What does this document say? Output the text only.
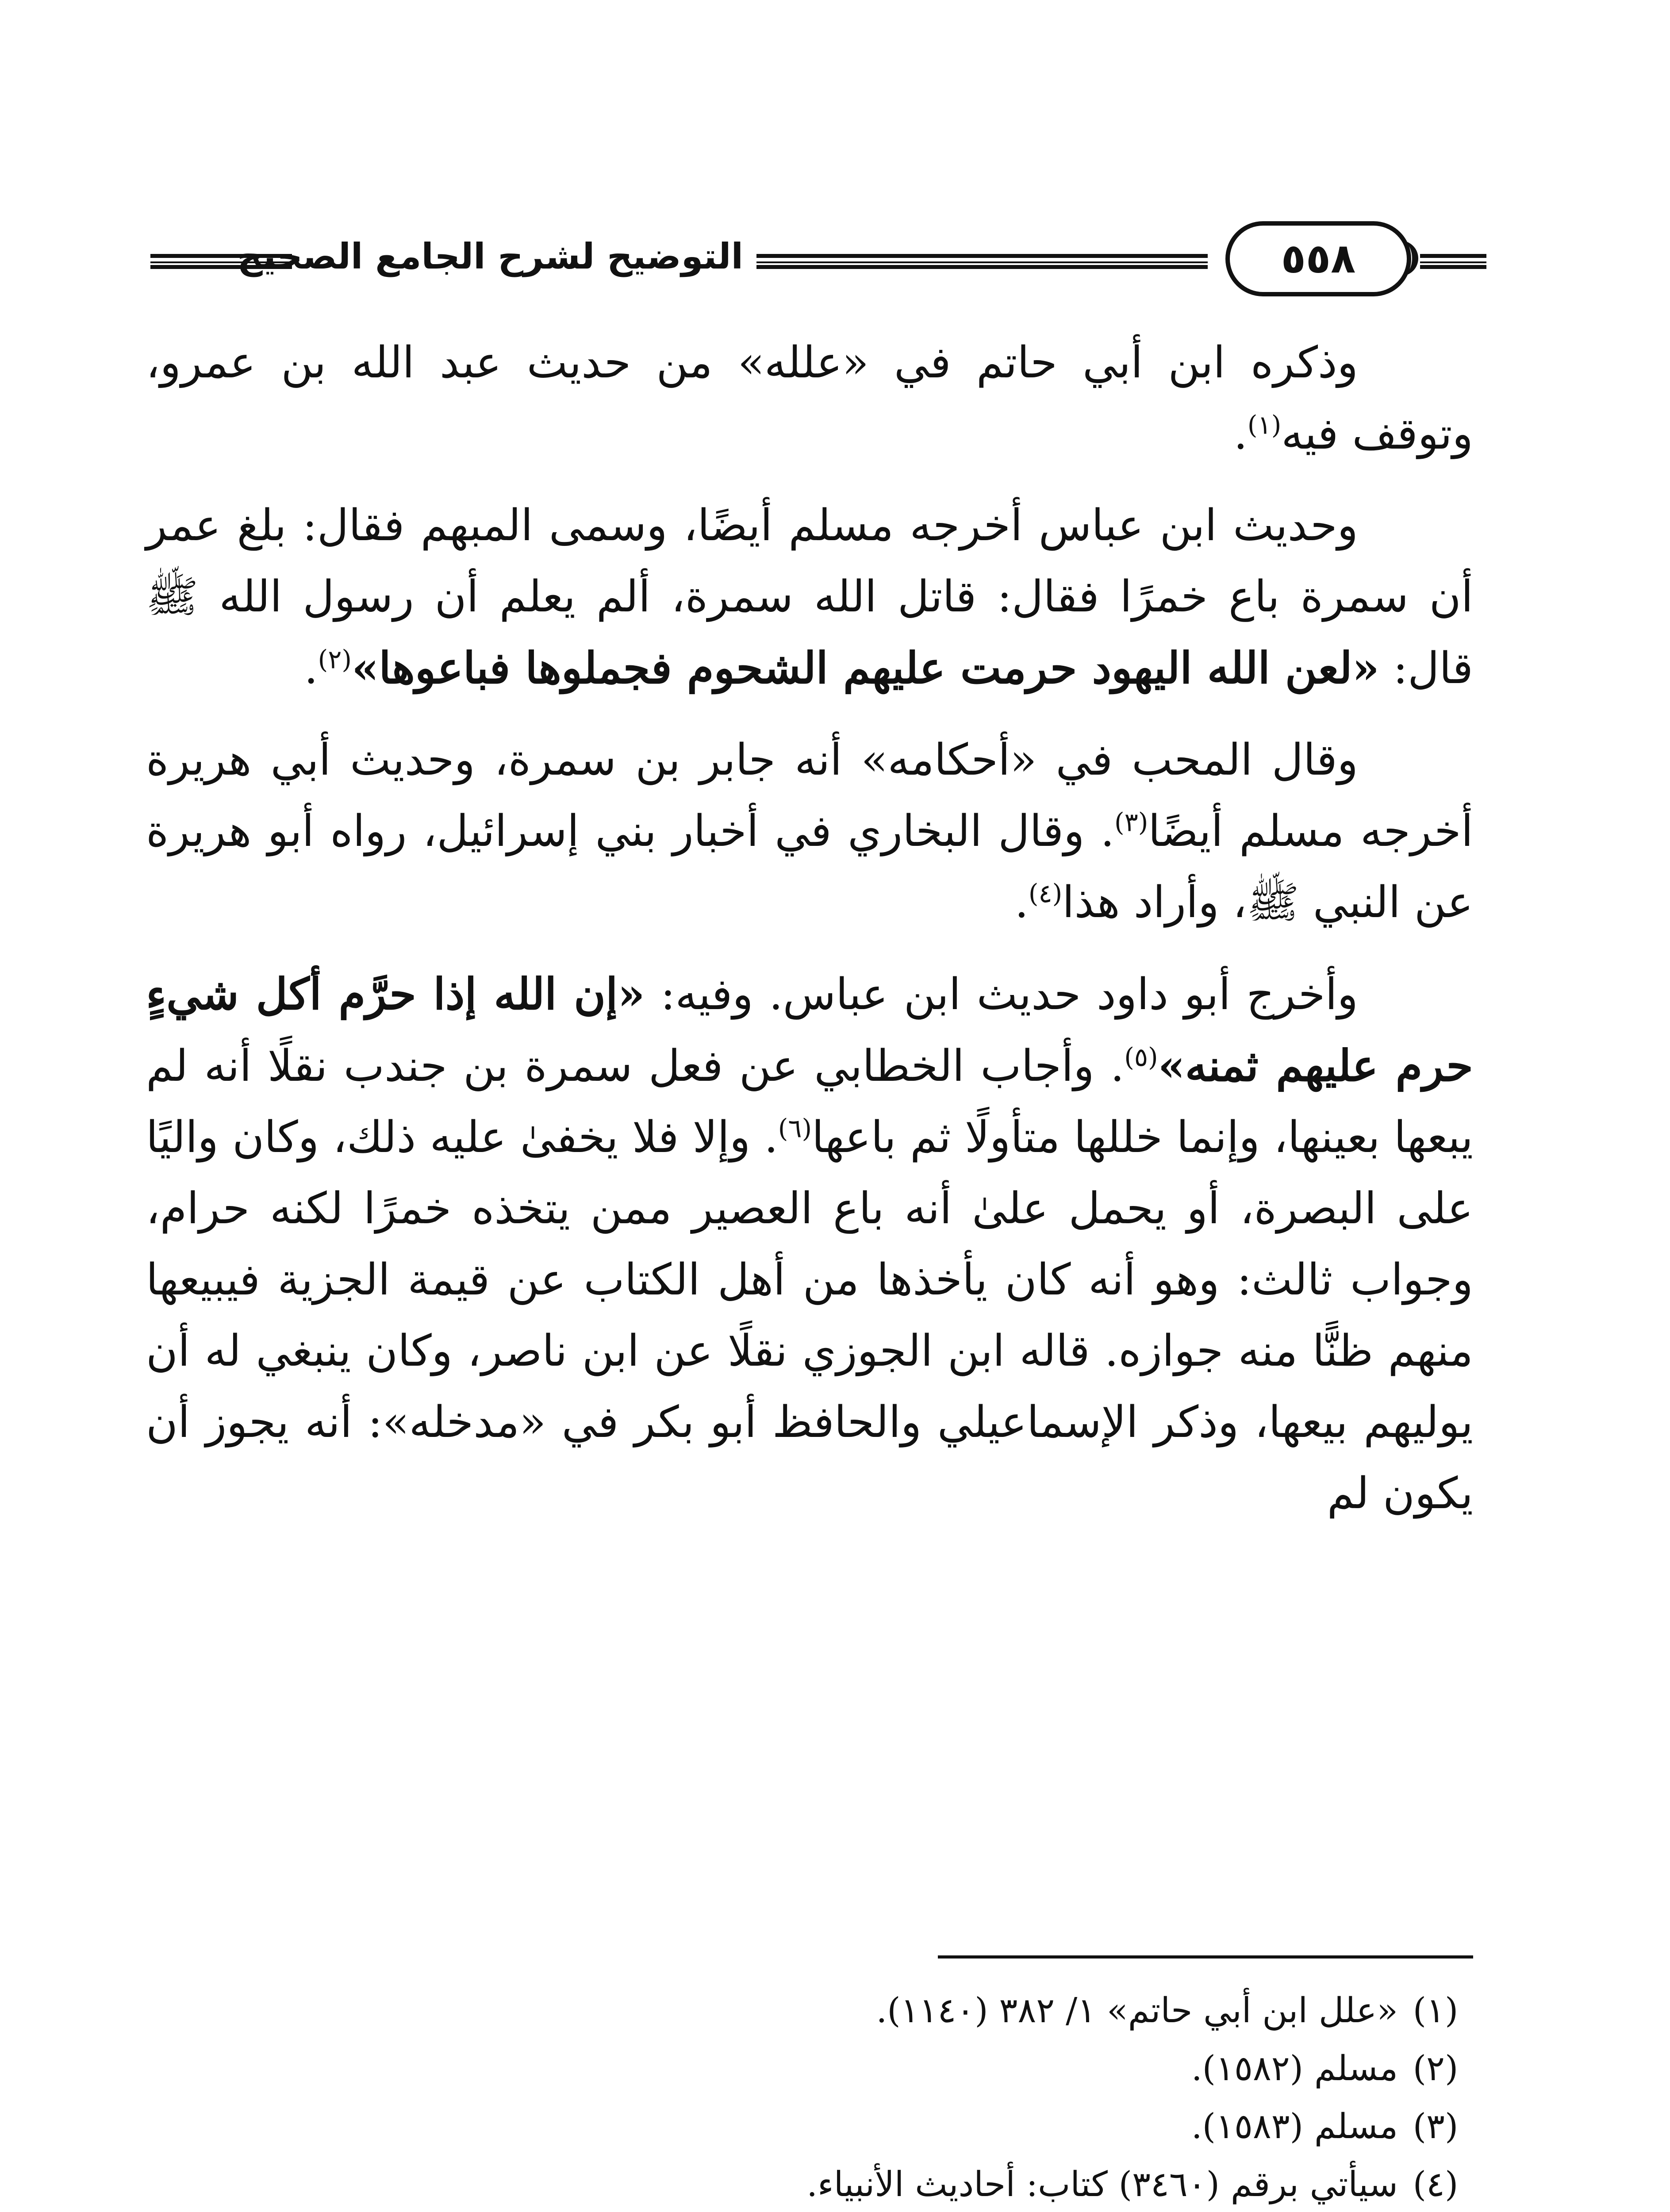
التوضيح لشرح الجامع الصحيح	٥٥٨

وذكره ابن أبي حاتم في «علله» من حديث عبد الله بن عمرو، وتوقف فيه$^{(١)}$.

وحديث ابن عباس أخرجه مسلم أيضًا، وسمى المبهم فقال: بلغ عمر أن سمرة باع خمرًا فقال: قاتل الله سمرة، ألم يعلم أن رسول الله ﷺ قال: «لعن الله اليهود حرمت عليهم الشحوم فجملوها فباعوها»$^{(٢)}$.

وقال المحب في «أحكامه» أنه جابر بن سمرة، وحديث أبي هريرة أخرجه مسلم أيضًا$^{(٣)}$. وقال البخاري في أخبار بني إسرائيل، رواه أبو هريرة عن النبي ﷺ، وأراد هذا$^{(٤)}$.

وأخرج أبو داود حديث ابن عباس. وفيه: «إن الله إذا حرَّم أكل شيءٍ حرم عليهم ثمنه»$^{(٥)}$. وأجاب الخطابي عن فعل سمرة بن جندب نقلًا أنه لم يبعها بعينها، وإنما خللها متأولًا ثم باعها$^{(٦)}$. وإلا فلا يخفىٰ عليه ذلك، وكان واليًا على البصرة، أو يحمل علىٰ أنه باع العصير ممن يتخذه خمرًا لكنه حرام، وجواب ثالث: وهو أنه كان يأخذها من أهل الكتاب عن قيمة الجزية فيبيعها منهم ظنًّا منه جوازه. قاله ابن الجوزي نقلًا عن ابن ناصر، وكان ينبغي له أن يوليهم بيعها، وذكر الإسماعيلي والحافظ أبو بكر في «مدخله»: أنه يجوز أن يكون لم

(١)
«علل ابن أبي حاتم» ١/ ٣٨٢ (١١٤٠).

(٢)
مسلم (١٥٨٢).

(٣)
مسلم (١٥٨٣).

(٤)
سيأتي برقم (٣٤٦٠) كتاب: أحاديث الأنبياء.
